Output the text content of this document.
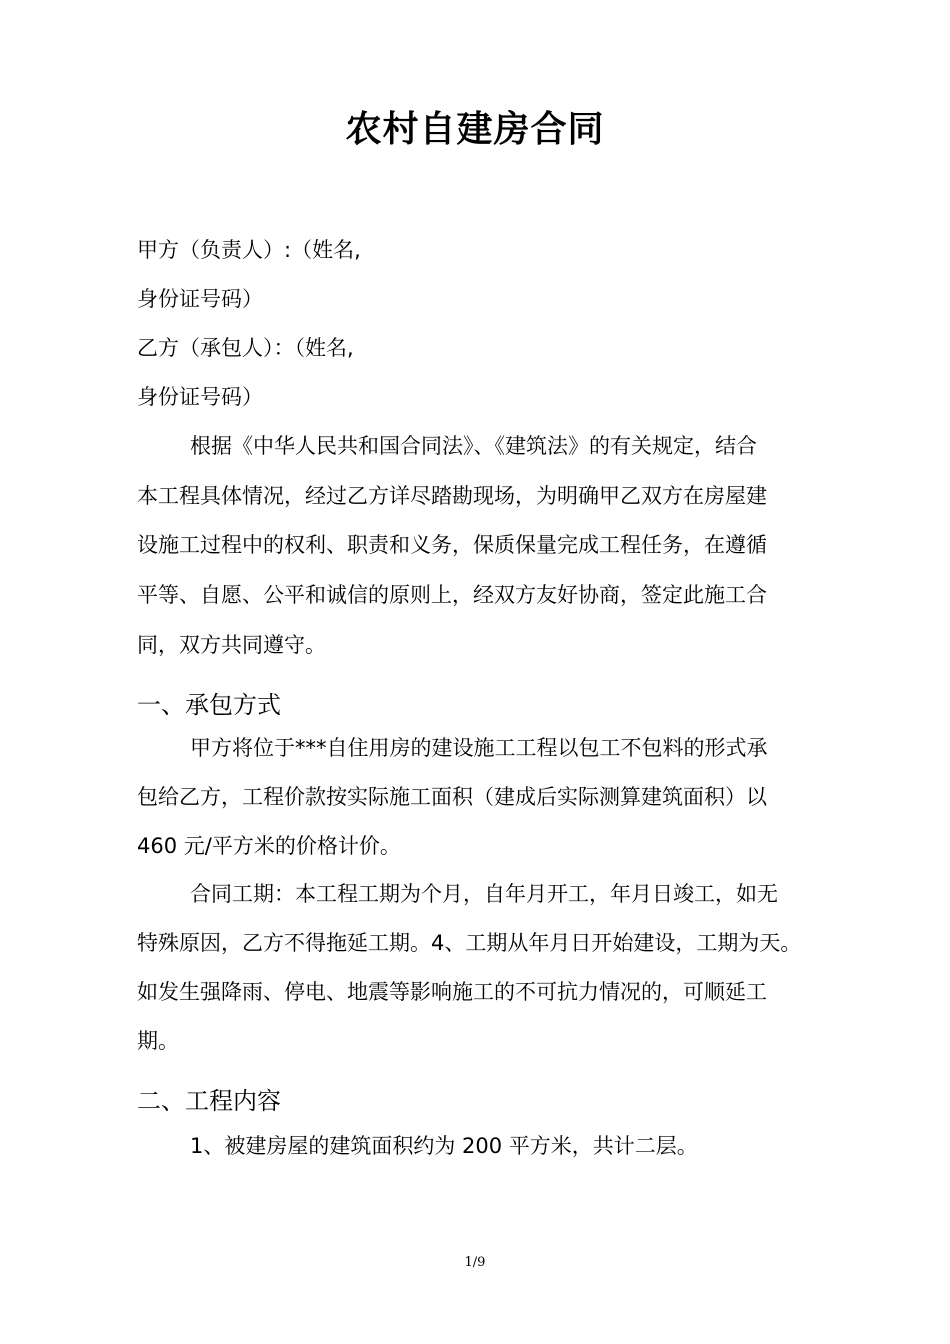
农村自建房合同
甲方（负责人）:（姓名,
身份证号码）
乙方（承包人）：（姓名,
身份证号码）
根据《中华人民共和国合同法》、《建筑法》的有关规定，结合
本工程具体情况，经过乙方详尽踏勘现场，为明确甲乙双方在房屋建
设施工过程中的权利、职责和义务，保质保量完成工程任务，在遵循
平等、自愿、公平和诚信的原则上，经双方友好协商，签定此施工合
同，双方共同遵守。
一、承包方式
甲方将位于***自住用房的建设施工工程以包工不包料的形式承
包给乙方，工程价款按实际施工面积（建成后实际测算建筑面积）以
460 元/平方米的价格计价。
合同工期：本工程工期为个月，自年月开工，年月日竣工，如无
特殊原因，乙方不得拖延工期。4、工期从年月日开始建设，工期为天。
如发生强降雨、停电、地震等影响施工的不可抗力情况的，可顺延工
期。
二、工程内容
1、被建房屋的建筑面积约为 200 平方米，共计二层。
1/9
